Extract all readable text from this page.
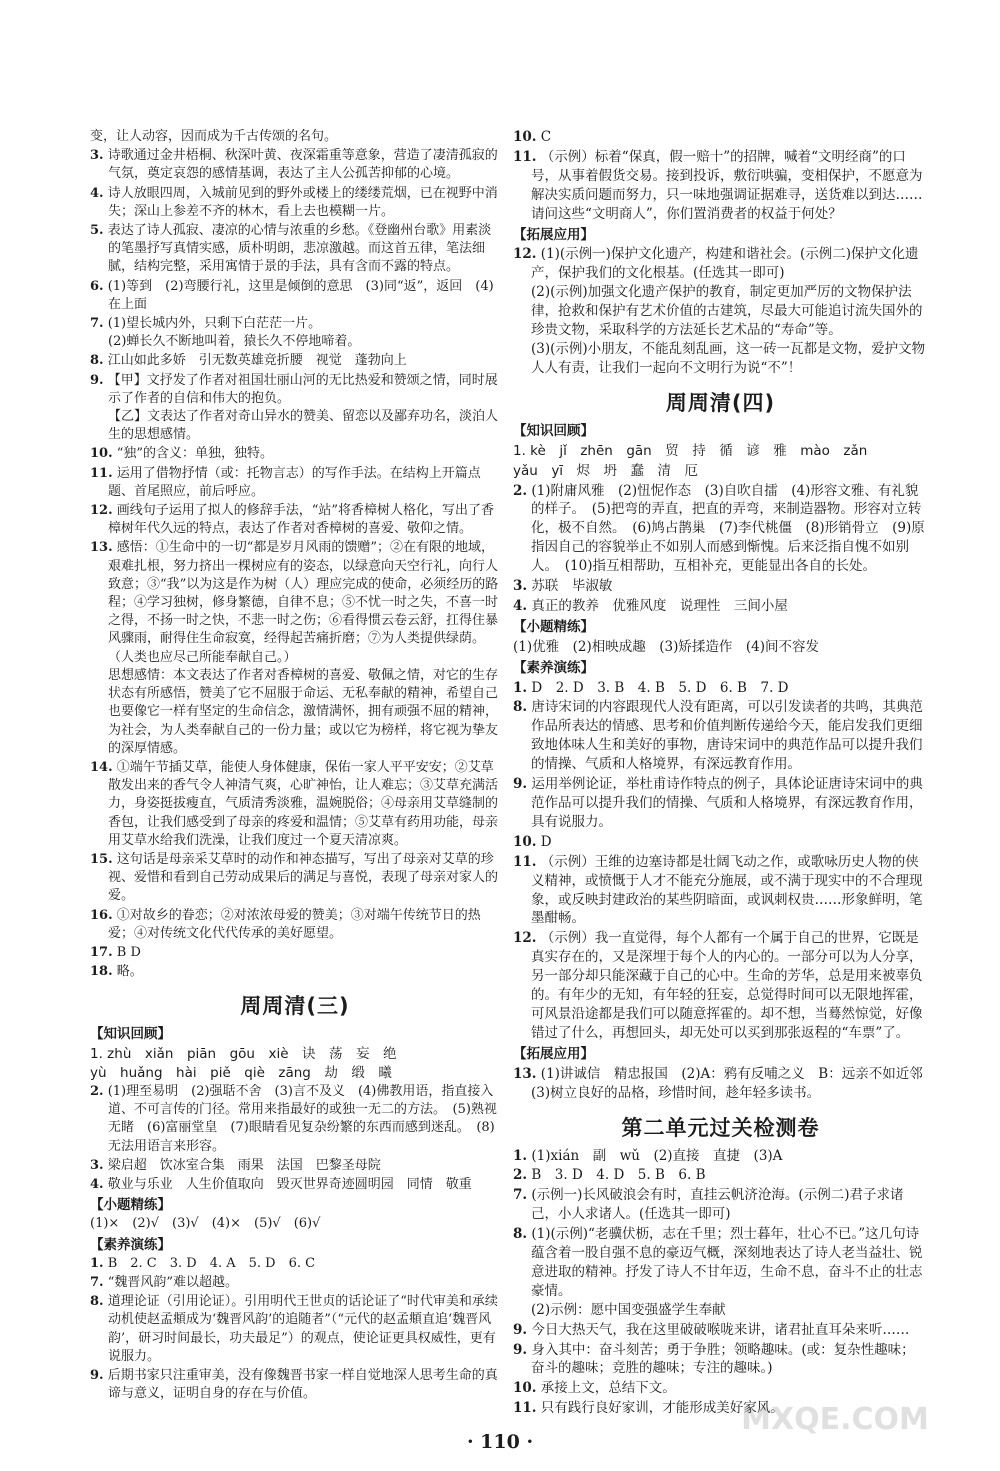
变，让人动容，因而成为千古传颂的名句。
3. 诗歌通过金井梧桐、秋深叶黄、夜深霜重等意象，营造了凄清孤寂的气氛，奠定哀怨的感情基调，表达了主人公孤苦抑郁的心境。
4. 诗人放眼四周，入城前见到的野外或楼上的缕缕荒烟，已在视野中消失；深山上参差不齐的林木，看上去也模糊一片。
5. 表达了诗人孤寂、凄凉的心情与浓重的乡愁。《登幽州台歌》用素淡的笔墨抒写真情实感，质朴明朗，悲凉激越。而这首五律，笔法细腻，结构完整，采用寓情于景的手法，具有含而不露的特点。
6. (1)等到　(2)弯腰行礼，这里是倾倒的意思　(3)同“返”，返回　(4)在上面
7. (1)望长城内外，只剩下白茫茫一片。
(2)蝉长久不断地叫着，猿长久不停地啼着。
8. 江山如此多娇　引无数英雄竞折腰　视觉　蓬勃向上
9. 【甲】文抒发了作者对祖国壮丽山河的无比热爱和赞颂之情，同时展示了作者的自信和伟大的抱负。
【乙】文表达了作者对奇山异水的赞美、留恋以及鄙弃功名，淡泊人生的思想感情。
10. “独”的含义：单独，独特。
11. 运用了借物抒情（或：托物言志）的写作手法。在结构上开篇点题、首尾照应，前后呼应。
12. 画线句子运用了拟人的修辞手法，“站”将香樟树人格化，写出了香樟树年代久远的特点，表达了作者对香樟树的喜爱、敬仰之情。
13. 感悟：①生命中的一切“都是岁月风雨的馈赠”；②在有限的地域，艰难扎根，努力挤出一棵树应有的姿态，以绿意向天空行礼，向行人致意；③“我”以为这是作为树（人）理应完成的使命，必须经历的路程；④学习独树，修身繁德，自律不息；⑤不忧一时之失，不喜一时之得，不扬一时之快，不悲一时之伤；⑥看得惯云卷云舒，扛得住暴风骤雨，耐得住生命寂寞，经得起苦痛折磨；⑦为人类提供绿荫。（人类也应尽己所能奉献自己。）
思想感情：本文表达了作者对香樟树的喜爱、敬佩之情，对它的生存状态有所感悟，赞美了它不屈服于命运、无私奉献的精神，希望自己也要像它一样有坚定的生命信念，激情满怀，拥有顽强不屈的精神，为社会，为人类奉献自己的一份力量；或以它为榜样，将它视为挚友的深厚情感。
14. ①端午节插艾草，能使人身体健康，保佑一家人平平安安；②艾草散发出来的香气令人神清气爽，心旷神怡，让人难忘；③艾草充满活力，身姿挺拔瘦直，气质清秀淡雅，温婉脱俗；④母亲用艾草缝制的香包，让我们感受到了母亲的疼爱和温情；⑤艾草有药用功能，母亲用艾草水给我们洗澡，让我们度过一个夏天清凉爽。
15. 这句话是母亲采艾草时的动作和神态描写，写出了母亲对艾草的珍视、爱惜和看到自己劳动成果后的满足与喜悦，表现了母亲对家人的爱。
16. ①对故乡的眷恋；②对浓浓母爱的赞美；③对端午传统节日的热爱；④对传统文化代代传承的美好愿望。
17. B D
18. 略。
周周清(三)
【知识回顾】
1. zhù　xiǎn　piān　gōu　xiè　诀　荡　妄　绝
yù　huǎng　hài　piě　qiè　zāng　劫　缎　曦
2. (1)理至易明　(2)强聒不舍　(3)言不及义　(4)佛教用语，指直接入道、不可言传的门径。常用来指最好的或独一无二的方法。　(5)熟视无睹　(6)富丽堂皇　(7)眼睛看见复杂纷繁的东西而感到迷乱。　(8)无法用语言来形容。
3. 梁启超　饮冰室合集　雨果　法国　巴黎圣母院
4. 敬业与乐业　人生价值取向　毁灭世界奇迹圆明园　同情　敬重
【小题精练】
(1)×　(2)√　(3)√　(4)×　(5)√　(6)√
【素养演练】
1. B　2. C　3. D　4. A　5. D　6. C
7. “魏晋风韵”难以超越。
8. 道理论证（引用论证）。引用明代王世贞的话论证了“时代审美和承续动机使赵孟頫成为‘魏晋风韵’的追随者”（“元代的赵孟頫直追‘魏晋风韵’，研习时间最长，功夫最足”）的观点，使论证更具权威性，更有说服力。
9. 后期书家只注重审美，没有像魏晋书家一样自觉地深人思考生命的真谛与意义，证明自身的存在与价值。
10. C
11. （示例）标着“保真，假一赔十”的招牌，喊着“文明经商”的口号，从事着假货交易。接到投诉，敷衍哄骗，变相保护，不愿意为解决实质问题而努力，只一味地强调证据难寻，送货难以到达……请问这些“文明商人”，你们置消费者的权益于何处？
【拓展应用】
12. (1)(示例一)保护文化遗产，构建和谐社会。(示例二)保护文化遗产，保护我们的文化根基。(任选其一即可)
(2)(示例)加强文化遗产保护的教育，制定更加严厉的文物保护法律，抢救和保护有艺术价值的古建筑，尽最大可能追讨流失国外的珍贵文物，采取科学的方法延长艺术品的“寿命”等。
(3)(示例)小朋友，不能乱刻乱画，这一砖一瓦都是文物，爱护文物人人有责，让我们一起向不文明行为说“不”！
周周清(四)
【知识回顾】
1. kè　jǐ　zhēn　gān　贸　持　循　谚　雅　mào　zǎn
yǎu　yī　烬　坍　蠢　清　厄
2. (1)附庸风雅　(2)忸怩作态　(3)自吹自擂　(4)形容文雅、有礼貌的样子。　(5)把弯的弄直，把直的弄弯，来制造器物。形容对立转化，极不自然。　(6)鸠占鹊巢　(7)李代桃僵　(8)形销骨立　(9)原指因自己的容貌举止不如别人而感到惭愧。后来泛指自愧不如别人。　(10)指互相帮助，互相补充，更能显出各自的长处。
3. 苏联　毕淑敏
4. 真正的教养　优雅风度　说理性　三间小屋
【小题精练】
(1)优雅　(2)相映成趣　(3)矫揉造作　(4)间不容发
【素养演练】
1. D　2. D　3. B　4. B　5. D　6. B　7. D
8. 唐诗宋词的内容跟现代人没有距离，可以引发读者的共鸣，其典范作品所表达的情感、思考和价值判断传递给今天，能启发我们更细致地体味人生和美好的事物，唐诗宋词中的典范作品可以提升我们的情操、气质和人格境界，有深远教育作用。
9. 运用举例论证，举杜甫诗作特点的例子，具体论证唐诗宋词中的典范作品可以提升我们的情操、气质和人格境界，有深远教育作用，具有说服力。
10. D
11. （示例）王维的边塞诗都是壮阔飞动之作，或歌咏历史人物的侠义精神，或愤慨于人才不能充分施展，或不满于现实中的不合理现象，或反映封建政治的某些阴暗面，或讽刺权贵……形象鲜明，笔墨酣畅。
12. （示例）我一直觉得，每个人都有一个属于自己的世界，它既是真实存在的，又是深埋于每个人的内心的。一部分可以为人分享，另一部分却只能深藏于自己的心中。生命的芳华，总是用来被辜负的。有年少的无知，有年轻的狂妄，总觉得时间可以无限地挥霍，可风景沿途都是我们可以随意挥霍的。却不想，当蓦然惊觉，好像错过了什么，再想回头，却无处可以买到那张返程的“车票”了。
【拓展应用】
13. (1)讲诚信　精忠报国　(2)A：鸦有反哺之义　B：远亲不如近邻　(3)树立良好的品格，珍惜时间，趁年轻多读书。
第二单元过关检测卷
1. (1)xián　副　wǔ　(2)直接　直捷　(3)A
2. B　3. D　4. D　5. B　6. B
7. (示例一)长风破浪会有时，直挂云帆济沧海。(示例二)君子求诸己，小人求诸人。(任选其一即可)
8. (1)(示例)“老骥伏枥，志在千里；烈士暮年，壮心不已。”这几句诗蕴含着一股自强不息的豪迈气概，深刻地表达了诗人老当益壮、锐意进取的精神。抒发了诗人不甘年迈，生命不息，奋斗不止的壮志豪情。
(2)示例：愿中国变强盛学生奉献
9. 今日大热天气，我在这里破破喉咙来讲，诸君扯直耳朵来听……
9. 身入其中：奋斗刻苦；勇于争胜；领略趣味。(或：复杂性趣味；奋斗的趣味；竞胜的趣味；专注的趣味。)
10. 承接上文，总结下文。
11. 只有践行良好家训，才能形成美好家风。
· 110 ·
MXQE.COM
